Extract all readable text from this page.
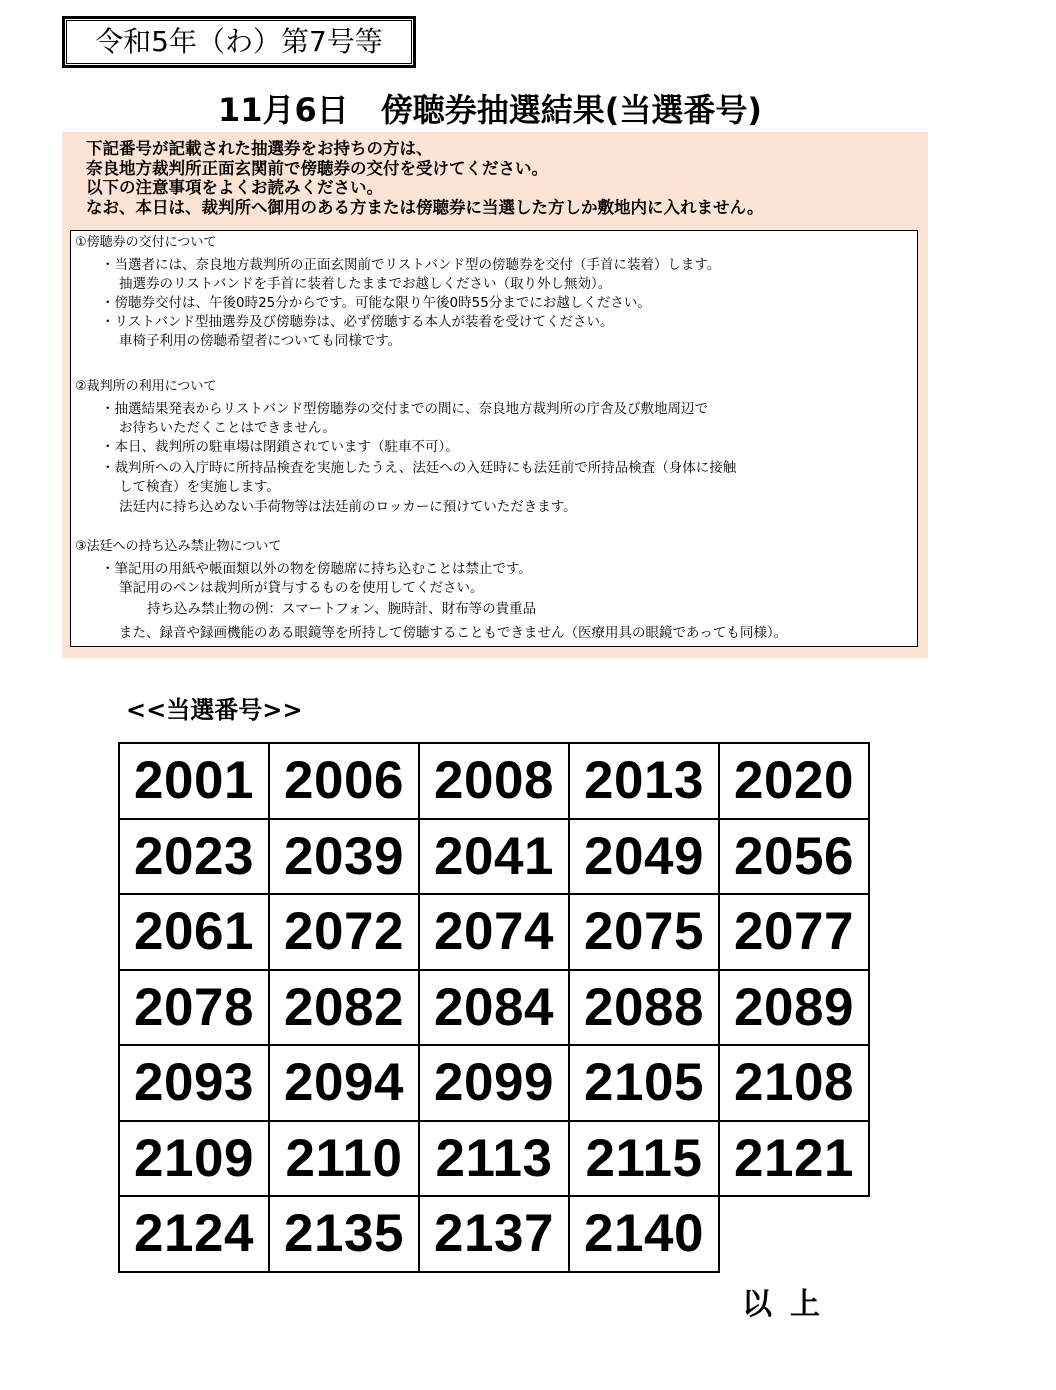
令和5年（わ）第7号等
11月6日　傍聴券抽選結果(当選番号)
下記番号が記載された抽選券をお持ちの方は、
奈良地方裁判所正面玄関前で傍聴券の交付を受けてください。
以下の注意事項をよくお読みください。
なお、本日は、裁判所へ御用のある方または傍聴券に当選した方しか敷地内に入れません。
①傍聴券の交付について
・当選者には、奈良地方裁判所の正面玄関前でリストバンド型の傍聴券を交付（手首に装着）します。
抽選券のリストバンドを手首に装着したままでお越しください（取り外し無効）。
・傍聴券交付は、午後0時25分からです。可能な限り午後0時55分までにお越しください。
・リストバンド型抽選券及び傍聴券は、必ず傍聴する本人が装着を受けてください。
車椅子利用の傍聴希望者についても同様です。
②裁判所の利用について
・抽選結果発表からリストバンド型傍聴券の交付までの間に、奈良地方裁判所の庁舎及び敷地周辺で
お待ちいただくことはできません。
・本日、裁判所の駐車場は閉鎖されています（駐車不可）。
・裁判所への入庁時に所持品検査を実施したうえ、法廷への入廷時にも法廷前で所持品検査（身体に接触
して検査）を実施します。
法廷内に持ち込めない手荷物等は法廷前のロッカーに預けていただきます。
③法廷への持ち込み禁止物について
・筆記用の用紙や帳面類以外の物を傍聴席に持ち込むことは禁止です。
筆記用のペンは裁判所が貸与するものを使用してください。
持ち込み禁止物の例：スマートフォン、腕時計、財布等の貴重品
また、録音や録画機能のある眼鏡等を所持して傍聴することもできません（医療用具の眼鏡であっても同様）。
<<当選番号>>
2001	2006	2008	2013	2020
2023	2039	2041	2049	2056
2061	2072	2074	2075	2077
2078	2082	2084	2088	2089
2093	2094	2099	2105	2108
2109	2110	2113	2115	2121
2124	2135	2137	2140	
以上
